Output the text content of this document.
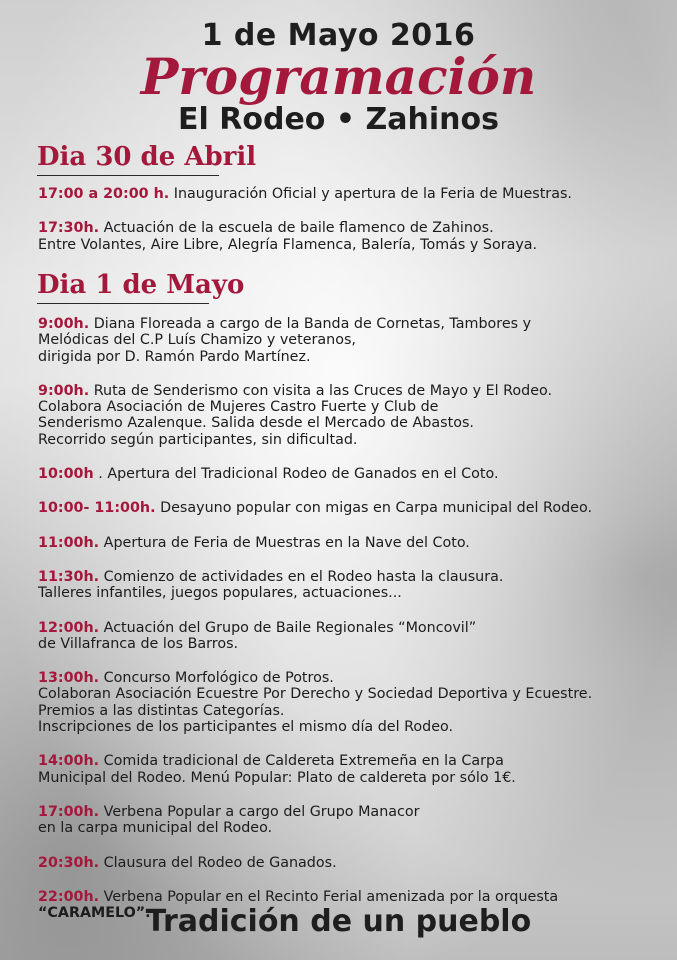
1 de Mayo 2016
Programación
El Rodeo • Zahinos
Dia 30 de Abril
17:00 a 20:00 h. Inauguración Oficial y apertura de la Feria de Muestras.
17:30h. Actuación de la escuela de baile flamenco de Zahinos.
Entre Volantes, Aire Libre, Alegría Flamenca, Balería, Tomás y Soraya.
Dia 1 de Mayo
9:00h. Diana Floreada a cargo de la Banda de Cornetas, Tambores y
Melódicas del C.P Luís Chamizo y veteranos,
dirigida por D. Ramón Pardo Martínez.
9:00h. Ruta de Senderismo con visita a las Cruces de Mayo y El Rodeo.
Colabora Asociación de Mujeres Castro Fuerte y Club de
Senderismo Azalenque. Salida desde el Mercado de Abastos.
Recorrido según participantes, sin dificultad.
10:00h . Apertura del Tradicional Rodeo de Ganados en el Coto.
10:00- 11:00h. Desayuno popular con migas en Carpa municipal del Rodeo.
11:00h. Apertura de Feria de Muestras en la Nave del Coto.
11:30h. Comienzo de actividades en el Rodeo hasta la clausura.
Talleres infantiles, juegos populares, actuaciones...
12:00h. Actuación del Grupo de Baile Regionales “Moncovil”
de Villafranca de los Barros.
13:00h. Concurso Morfológico de Potros.
Colaboran Asociación Ecuestre Por Derecho y Sociedad Deportiva y Ecuestre.
Premios a las distintas Categorías.
Inscripciones de los participantes el mismo día del Rodeo.
14:00h. Comida tradicional de Caldereta Extremeña en la Carpa
Municipal del Rodeo. Menú Popular: Plato de caldereta por sólo 1€.
17:00h. Verbena Popular a cargo del Grupo Manacor
en la carpa municipal del Rodeo.
20:30h. Clausura del Rodeo de Ganados.
22:00h. Verbena Popular en el Recinto Ferial amenizada por la orquesta
“CARAMELO”.
Tradición de un pueblo
